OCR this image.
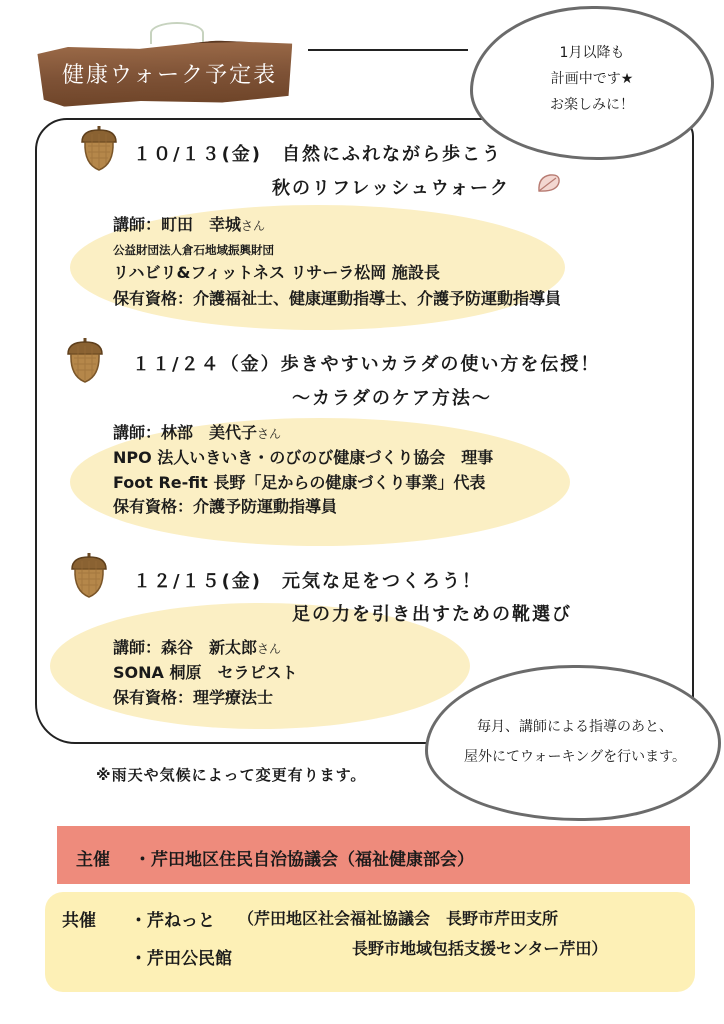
健康ウォーク予定表
1月以降も
計画中です★
お楽しみに！
１０/１３(金)　自然にふれながら歩こう
秋のリフレッシュウォーク
講師：町田　幸城さん
公益財団法人倉石地域振興財団
リハビリ&フィットネス リサーラ松岡 施設長
保有資格：介護福祉士、健康運動指導士、介護予防運動指導員
１１/２４（金）歩きやすいカラダの使い方を伝授！
～カラダのケア方法～
講師：林部　美代子さん
NPO 法人いきいき・のびのび健康づくり協会　理事
Foot Re-fit 長野「足からの健康づくり事業」代表
保有資格：介護予防運動指導員
１２/１５(金)　元気な足をつくろう！
足の力を引き出すための靴選び
講師：森谷　新太郎さん
SONA 桐原　セラピスト
保有資格：理学療法士
毎月、講師による指導のあと、
屋外にてウォーキングを行います。
※雨天や気候によって変更有ります。
主催 ・芹田地区住民自治協議会（福祉健康部会）
共催 ・芹ねっと （芹田地区社会福祉協議会　長野市芹田支所
長野市地域包括支援センター芹田）
・芹田公民館
